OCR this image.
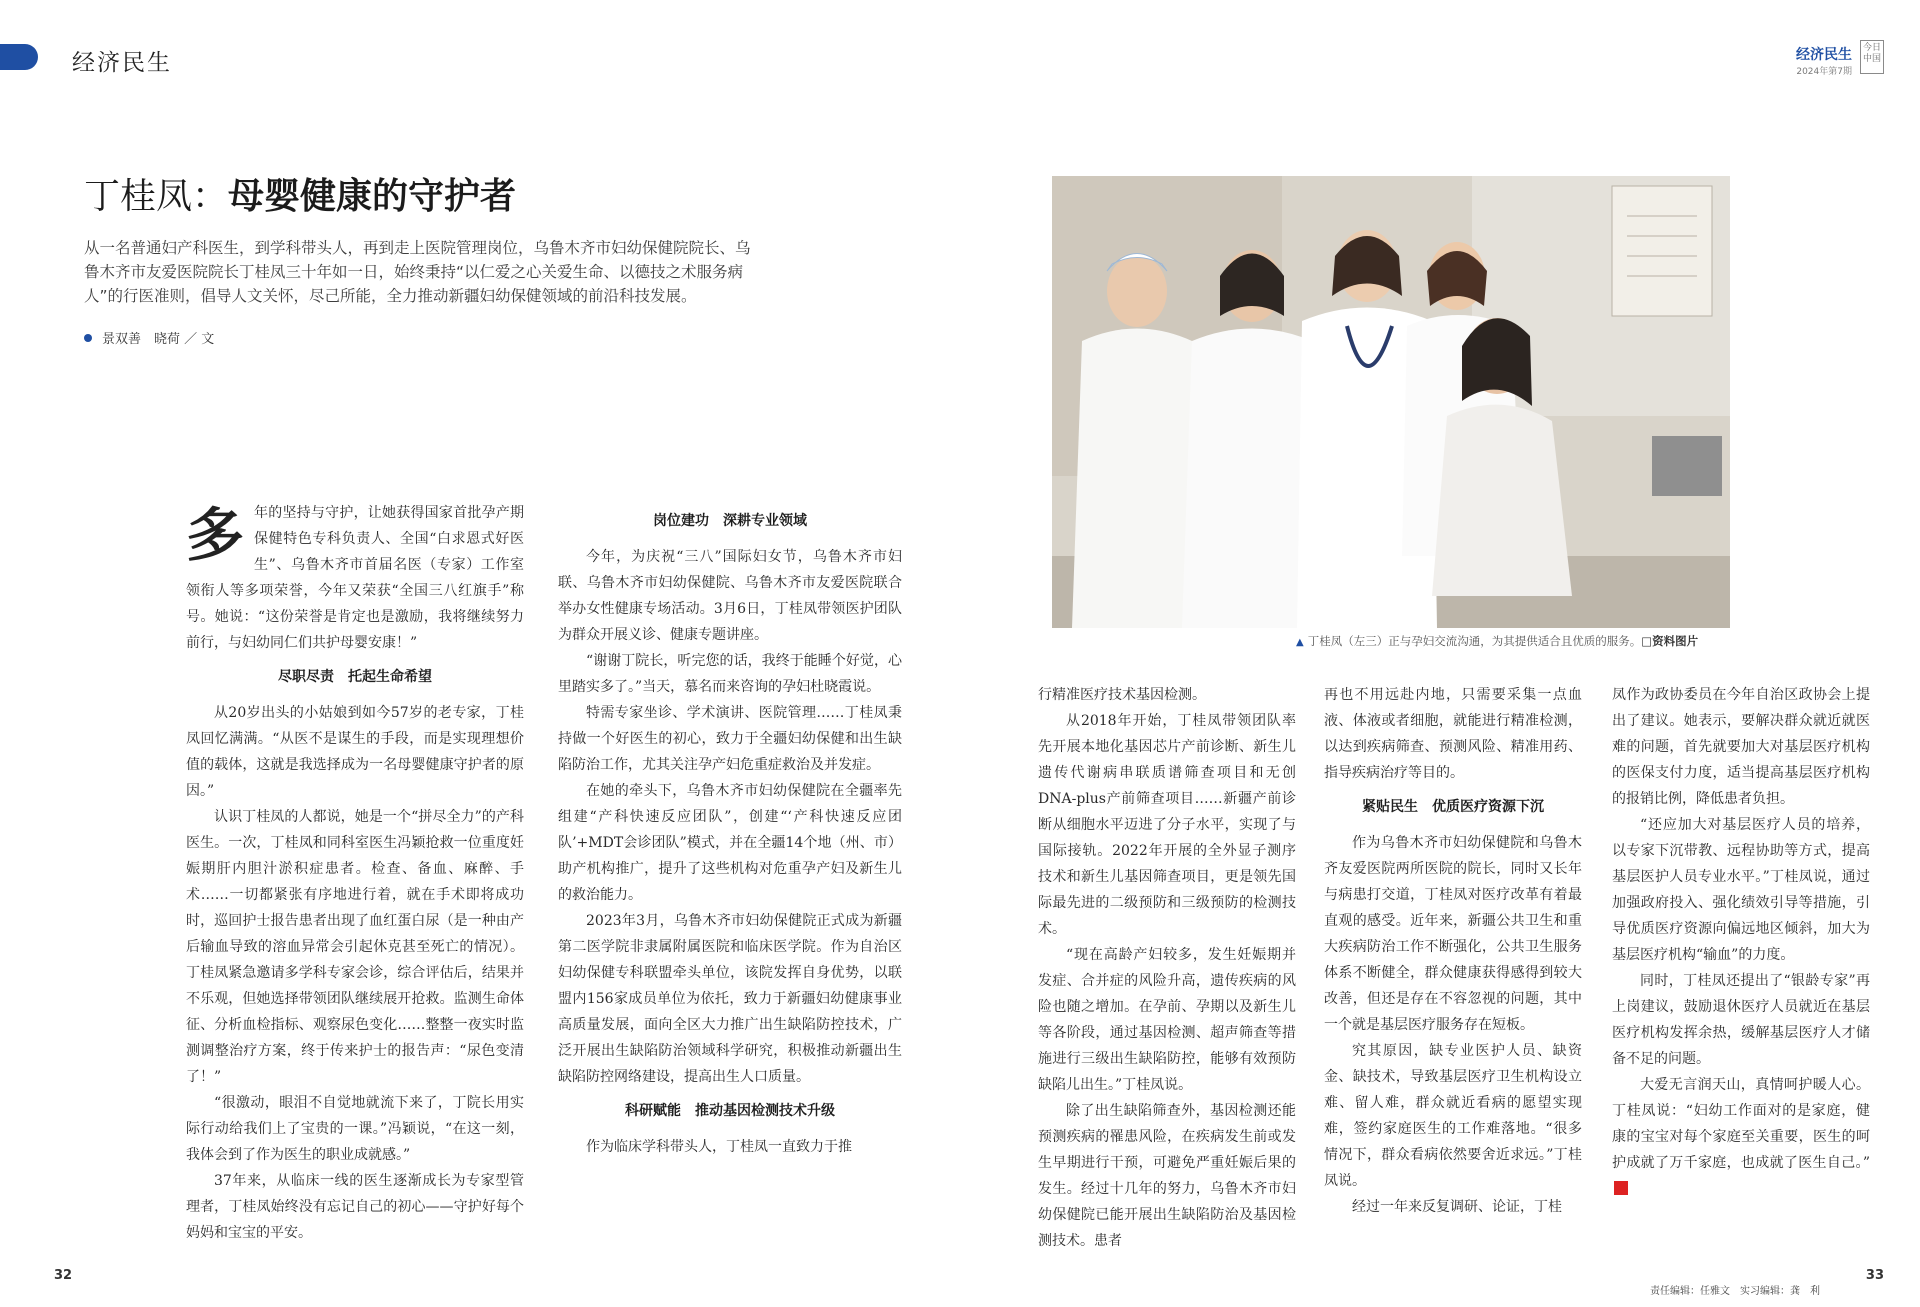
经济民生	经济民生
2024年第7期
今日中国
丁桂凤：母婴健康的守护者
从一名普通妇产科医生，到学科带头人，再到走上医院管理岗位，乌鲁木齐市妇幼保健院院长、乌鲁木齐市友爱医院院长丁桂凤三十年如一日，始终秉持“以仁爱之心关爱生命、以德技之术服务病人”的行医准则，倡导人文关怀，尽己所能，全力推动新疆妇幼保健领域的前沿科技发展。
景双善　晓荷 ／ 文
▲ 丁桂凤（左三）正与孕妇交流沟通，为其提供适合且优质的服务。□资料图片

多年的坚持与守护，让她获得国家首批孕产期保健特色专科负责人、全国“白求恩式好医生”、乌鲁木齐市首届名医（专家）工作室领衔人等多项荣誉，今年又荣获“全国三八红旗手”称号。她说：“这份荣誉是肯定也是激励，我将继续努力前行，与妇幼同仁们共护母婴安康！”

尽职尽责　托起生命希望

从20岁出头的小姑娘到如今57岁的老专家，丁桂凤回忆满满。“从医不是谋生的手段，而是实现理想价值的载体，这就是我选择成为一名母婴健康守护者的原因。”

认识丁桂凤的人都说，她是一个“拼尽全力”的产科医生。一次，丁桂凤和同科室医生冯颖抢救一位重度妊娠期肝内胆汁淤积症患者。检查、备血、麻醉、手术……一切都紧张有序地进行着，就在手术即将成功时，巡回护士报告患者出现了血红蛋白尿（是一种由产后输血导致的溶血异常会引起休克甚至死亡的情况）。丁桂凤紧急邀请多学科专家会诊，综合评估后，结果并不乐观，但她选择带领团队继续展开抢救。监测生命体征、分析血检指标、观察尿色变化……整整一夜实时监测调整治疗方案，终于传来护士的报告声：“尿色变清了！”

“很激动，眼泪不自觉地就流下来了，丁院长用实际行动给我们上了宝贵的一课。”冯颖说，“在这一刻，我体会到了作为医生的职业成就感。”

37年来，从临床一线的医生逐渐成长为专家型管理者，丁桂凤始终没有忘记自己的初心——守护好每个妈妈和宝宝的平安。

岗位建功　深耕专业领域

今年，为庆祝“三八”国际妇女节，乌鲁木齐市妇联、乌鲁木齐市妇幼保健院、乌鲁木齐市友爱医院联合举办女性健康专场活动。3月6日，丁桂凤带领医护团队为群众开展义诊、健康专题讲座。

“谢谢丁院长，听完您的话，我终于能睡个好觉，心里踏实多了。”当天，慕名而来咨询的孕妇杜晓霞说。

特需专家坐诊、学术演讲、医院管理……丁桂凤秉持做一个好医生的初心，致力于全疆妇幼保健和出生缺陷防治工作，尤其关注孕产妇危重症救治及并发症。

在她的牵头下，乌鲁木齐市妇幼保健院在全疆率先组建“产科快速反应团队”，创建“‘产科快速反应团队’+MDT会诊团队”模式，并在全疆14个地（州、市）助产机构推广，提升了这些机构对危重孕产妇及新生儿的救治能力。

2023年3月，乌鲁木齐市妇幼保健院正式成为新疆第二医学院非隶属附属医院和临床医学院。作为自治区妇幼保健专科联盟牵头单位，该院发挥自身优势，以联盟内156家成员单位为依托，致力于新疆妇幼健康事业高质量发展，面向全区大力推广出生缺陷防控技术，广泛开展出生缺陷防治领域科学研究，积极推动新疆出生缺陷防控网络建设，提高出生人口质量。

科研赋能　推动基因检测技术升级

作为临床学科带头人，丁桂凤一直致力于推

行精准医疗技术基因检测。

从2018年开始，丁桂凤带领团队率先开展本地化基因芯片产前诊断、新生儿遗传代谢病串联质谱筛查项目和无创DNA-plus产前筛查项目……新疆产前诊断从细胞水平迈进了分子水平，实现了与国际接轨。2022年开展的全外显子测序技术和新生儿基因筛查项目，更是领先国际最先进的二级预防和三级预防的检测技术。

“现在高龄产妇较多，发生妊娠期并发症、合并症的风险升高，遗传疾病的风险也随之增加。在孕前、孕期以及新生儿等各阶段，通过基因检测、超声筛查等措施进行三级出生缺陷防控，能够有效预防缺陷儿出生。”丁桂凤说。

除了出生缺陷筛查外，基因检测还能预测疾病的罹患风险，在疾病发生前或发生早期进行干预，可避免严重妊娠后果的发生。经过十几年的努力，乌鲁木齐市妇幼保健院已能开展出生缺陷防治及基因检测技术。患者

再也不用远赴内地，只需要采集一点血液、体液或者细胞，就能进行精准检测，以达到疾病筛查、预测风险、精准用药、指导疾病治疗等目的。

紧贴民生　优质医疗资源下沉

作为乌鲁木齐市妇幼保健院和乌鲁木齐友爱医院两所医院的院长，同时又长年与病患打交道，丁桂凤对医疗改革有着最直观的感受。近年来，新疆公共卫生和重大疾病防治工作不断强化，公共卫生服务体系不断健全，群众健康获得感得到较大改善，但还是存在不容忽视的问题，其中一个就是基层医疗服务存在短板。

究其原因，缺专业医护人员、缺资金、缺技术，导致基层医疗卫生机构设立难、留人难，群众就近看病的愿望实现难，签约家庭医生的工作难落地。“很多情况下，群众看病依然要舍近求远。”丁桂凤说。

经过一年来反复调研、论证，丁桂

凤作为政协委员在今年自治区政协会上提出了建议。她表示，要解决群众就近就医难的问题，首先就要加大对基层医疗机构的医保支付力度，适当提高基层医疗机构的报销比例，降低患者负担。

“还应加大对基层医疗人员的培养，以专家下沉带教、远程协助等方式，提高基层医护人员专业水平。”丁桂凤说，通过加强政府投入、强化绩效引导等措施，引导优质医疗资源向偏远地区倾斜，加大为基层医疗机构“输血”的力度。

同时，丁桂凤还提出了“银龄专家”再上岗建议，鼓励退休医疗人员就近在基层医疗机构发挥余热，缓解基层医疗人才储备不足的问题。

大爱无言润天山，真情呵护暖人心。丁桂凤说：“妇幼工作面对的是家庭，健康的宝宝对每个家庭至关重要，医生的呵护成就了万千家庭，也成就了医生自己。”

32	33
责任编辑：任雅文　实习编辑：龚　利
